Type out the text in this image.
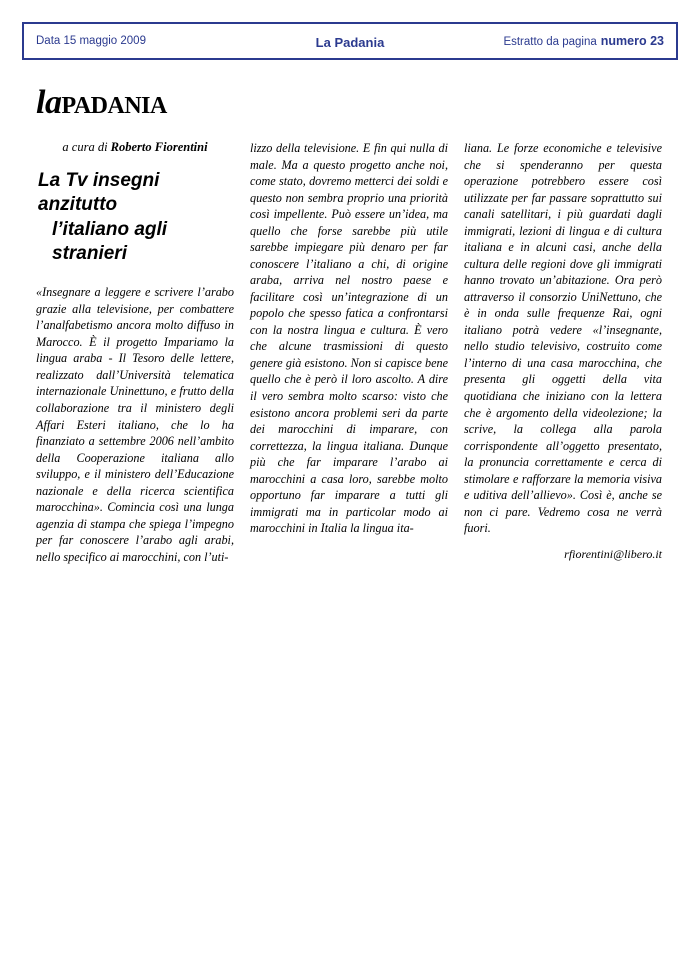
Data 15 maggio 2009	Estratto da pagina numero 23
La Padania
lapadania
a cura di Roberto Fiorentini
La Tv insegni anzitutto
l’italiano agli stranieri
«Insegnare a leggere e scrivere l’arabo grazie alla televisione, per combattere l’analfabetismo ancora molto diffuso in Marocco. È il progetto Impariamo la lingua araba - Il Tesoro delle lettere, realizzato dall’Università telematica internazionale Uninettuno, e frutto della collaborazione tra il ministero degli Affari Esteri italiano, che lo ha finanziato a settembre 2006 nell’ambito della Cooperazione italiana allo sviluppo, e il ministero dell’Educazione nazionale e della ricerca scientifica marocchina». Comincia così una lunga agenzia di stampa che spiega l’impegno per far conoscere l’arabo agli arabi, nello specifico ai marocchini, con l’uti-
lizzo della televisione. E fin qui nulla di male. Ma a questo progetto anche noi, come stato, dovremo metterci dei soldi e questo non sembra proprio una priorità così impellente. Può essere un’idea, ma quello che forse sarebbe più utile sarebbe impiegare più denaro per far conoscere l’italiano a chi, di origine araba, arriva nel nostro paese e facilitare così un’integrazione di un popolo che spesso fatica a confrontarsi con la nostra lingua e cultura. È vero che alcune trasmissioni di questo genere già esistono. Non si capisce bene quello che è però il loro ascolto. A dire il vero sembra molto scarso: visto che esistono ancora problemi seri da parte dei marocchini di imparare, con correttezza, la lingua italiana. Dunque più che far imparare l’arabo ai marocchini a casa loro, sarebbe molto opportuno far imparare a tutti gli immigrati ma in particolar modo ai marocchini in Italia la lingua ita-
liana. Le forze economiche e televisive che si spenderanno per questa operazione potrebbero essere così utilizzate per far passare soprattutto sui canali satellitari, i più guardati dagli immigrati, lezioni di lingua e di cultura italiana e in alcuni casi, anche della cultura delle regioni dove gli immigrati hanno trovato un’abitazione. Ora però attraverso il consorzio UniNettuno, che è in onda sulle frequenze Rai, ogni italiano potrà vedere «l’insegnante, nello studio televisivo, costruito come l’interno di una casa marocchina, che presenta gli oggetti della vita quotidiana che iniziano con la lettera che è argomento della videolezione; la scrive, la collega alla parola corrispondente all’oggetto presentato, la pronuncia correttamente e cerca di stimolare e rafforzare la memoria visiva e uditiva dell’allievo». Così è, anche se non ci pare. Vedremo cosa ne verrà fuori.
rfiorentini@libero.it
